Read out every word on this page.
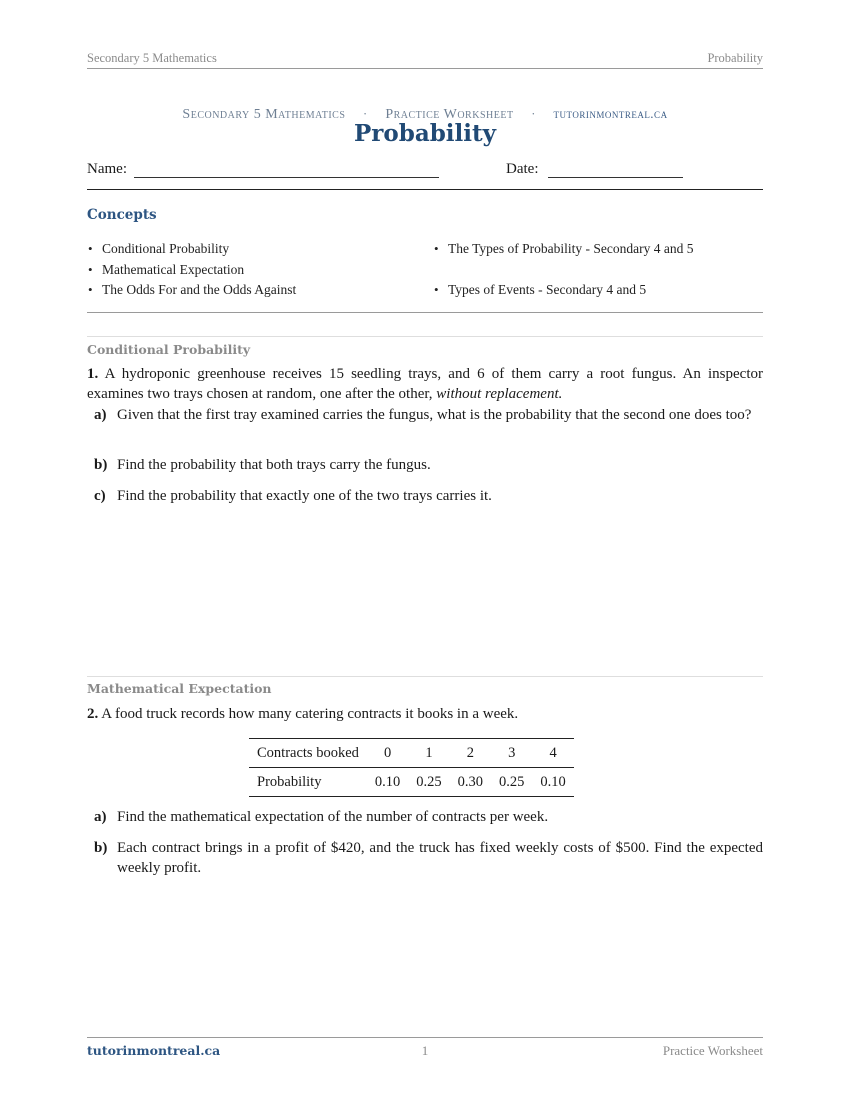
Secondary 5 Mathematics	Probability
Secondary 5 Mathematics · Practice Worksheet · tutorinmontreal.ca
Probability
Name:	Date:
Concepts
• Conditional Probability
• Mathematical Expectation
• The Odds For and the Odds Against
• The Types of Probability - Secondary 4 and 5
• Types of Events - Secondary 4 and 5
Conditional Probability
1. A hydroponic greenhouse receives 15 seedling trays, and 6 of them carry a root fungus. An inspector examines two trays chosen at random, one after the other, without replacement.
a) Given that the first tray examined carries the fungus, what is the probability that the second one does too?
b) Find the probability that both trays carry the fungus.
c) Find the probability that exactly one of the two trays carries it.
Mathematical Expectation
2. A food truck records how many catering contracts it books in a week.
Contracts booked	0	1	2	3	4
Probability	0.10	0.25	0.30	0.25	0.10
a) Find the mathematical expectation of the number of contracts per week.
b) Each contract brings in a profit of $420, and the truck has fixed weekly costs of $500. Find the expected weekly profit.
tutorinmontreal.ca	1	Practice Worksheet
